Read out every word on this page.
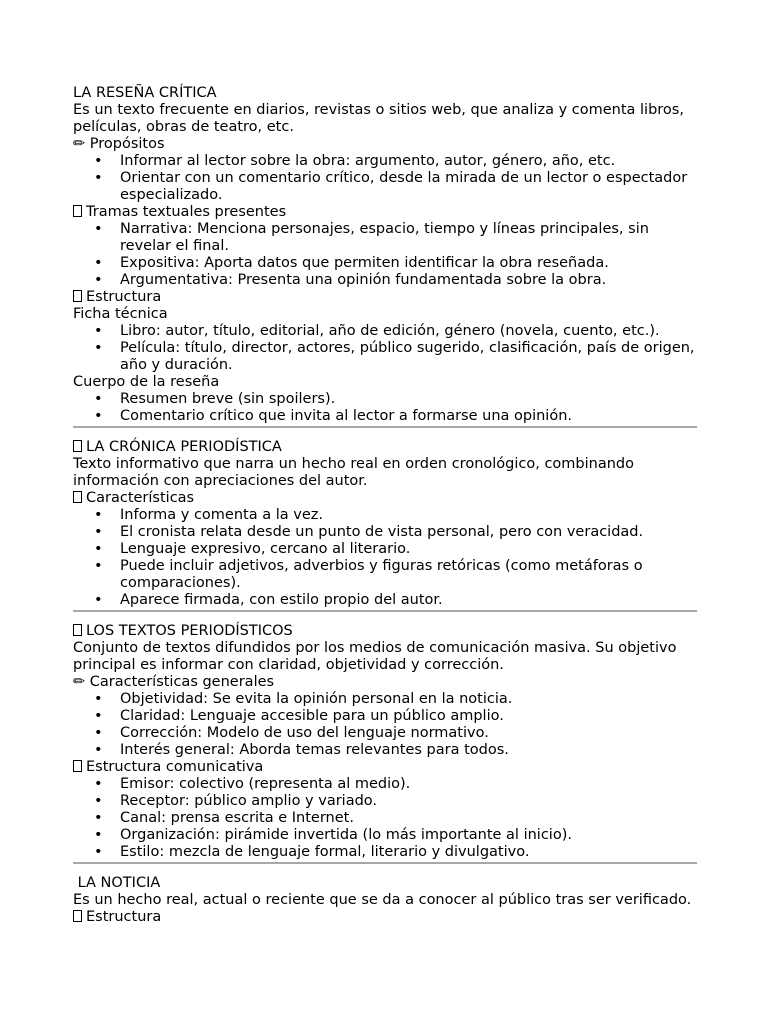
LA RESEÑA CRÍTICA

Es un texto frecuente en diarios, revistas o sitios web, que analiza y comenta libros, películas, obras de teatro, etc.

✏ Propósitos

• Informar al lector sobre la obra: argumento, autor, género, año, etc.
• Orientar con un comentario crítico, desde la mirada de un lector o espectador especializado.

Tramas textuales presentes

• Narrativa: Menciona personajes, espacio, tiempo y líneas principales, sin revelar el final.
• Expositiva: Aporta datos que permiten identificar la obra reseñada.
• Argumentativa: Presenta una opinión fundamentada sobre la obra.

Estructura

Ficha técnica

• Libro: autor, título, editorial, año de edición, género (novela, cuento, etc.).
• Película: título, director, actores, público sugerido, clasificación, país de origen, año y duración.

Cuerpo de la reseña

• Resumen breve (sin spoilers).
• Comentario crítico que invita al lector a formarse una opinión.

LA CRÓNICA PERIODÍSTICA

Texto informativo que narra un hecho real en orden cronológico, combinando información con apreciaciones del autor.

Características

• Informa y comenta a la vez.
• El cronista relata desde un punto de vista personal, pero con veracidad.
• Lenguaje expresivo, cercano al literario.
• Puede incluir adjetivos, adverbios y figuras retóricas (como metáforas o comparaciones).
• Aparece firmada, con estilo propio del autor.

LOS TEXTOS PERIODÍSTICOS

Conjunto de textos difundidos por los medios de comunicación masiva. Su objetivo principal es informar con claridad, objetividad y corrección.

✏ Características generales

• Objetividad: Se evita la opinión personal en la noticia.
• Claridad: Lenguaje accesible para un público amplio.
• Corrección: Modelo de uso del lenguaje normativo.
• Interés general: Aborda temas relevantes para todos.

Estructura comunicativa

• Emisor: colectivo (representa al medio).
• Receptor: público amplio y variado.
• Canal: prensa escrita e Internet.
• Organización: pirámide invertida (lo más importante al inicio).
• Estilo: mezcla de lenguaje formal, literario y divulgativo.

LA NOTICIA

Es un hecho real, actual o reciente que se da a conocer al público tras ser verificado.

Estructura
